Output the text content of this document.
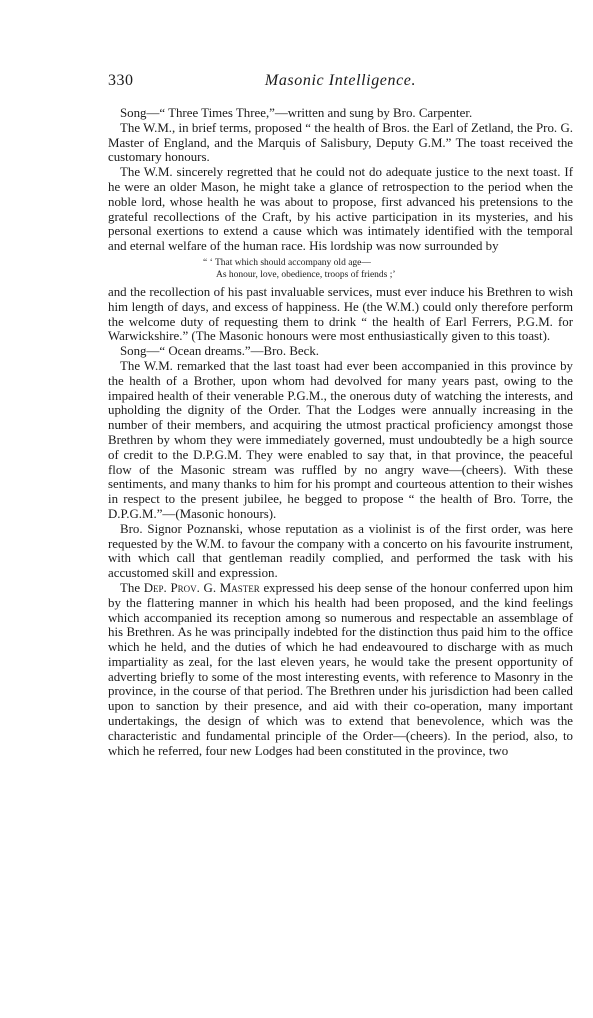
330	Masonic Intelligence.

Song—“ Three Times Three,”—written and sung by Bro. Carpenter.

The W.M., in brief terms, proposed “ the health of Bros. the Earl of Zetland, the Pro. G. Master of England, and the Marquis of Salisbury, Deputy G.M.” The toast received the customary honours.

The W.M. sincerely regretted that he could not do adequate justice to the next toast. If he were an older Mason, he might take a glance of retrospection to the period when the noble lord, whose health he was about to propose, first advanced his pretensions to the grateful recollections of the Craft, by his active participation in its mysteries, and his personal exertions to extend a cause which was intimately identified with the temporal and eternal welfare of the human race. His lordship was now surrounded by

“ ‘ That which should accompany old age—
As honour, love, obedience, troops of friends ;’

and the recollection of his past invaluable services, must ever induce his Brethren to wish him length of days, and excess of happiness. He (the W.M.) could only therefore perform the welcome duty of requesting them to drink “ the health of Earl Ferrers, P.G.M. for Warwickshire.” (The Masonic honours were most enthusiastically given to this toast).

Song—“ Ocean dreams.”—Bro. Beck.

The W.M. remarked that the last toast had ever been accompanied in this province by the health of a Brother, upon whom had devolved for many years past, owing to the impaired health of their venerable P.G.M., the onerous duty of watching the interests, and upholding the dignity of the Order. That the Lodges were annually increasing in the number of their members, and acquiring the utmost practical proficiency amongst those Brethren by whom they were immediately governed, must undoubtedly be a high source of credit to the D.P.G.M. They were enabled to say that, in that province, the peaceful flow of the Masonic stream was ruffled by no angry wave—(cheers). With these sentiments, and many thanks to him for his prompt and courteous attention to their wishes in respect to the present jubilee, he begged to propose “ the health of Bro. Torre, the D.P.G.M.”—(Masonic honours).

Bro. Signor Poznanski, whose reputation as a violinist is of the first order, was here requested by the W.M. to favour the company with a concerto on his favourite instrument, with which call that gentleman readily complied, and performed the task with his accustomed skill and expression.

The Dep. Prov. G. Master expressed his deep sense of the honour conferred upon him by the flattering manner in which his health had been proposed, and the kind feelings which accompanied its reception among so numerous and respectable an assemblage of his Brethren. As he was principally indebted for the distinction thus paid him to the office which he held, and the duties of which he had endeavoured to discharge with as much impartiality as zeal, for the last eleven years, he would take the present opportunity of adverting briefly to some of the most interesting events, with reference to Masonry in the province, in the course of that period. The Brethren under his jurisdiction had been called upon to sanction by their presence, and aid with their co-operation, many important undertakings, the design of which was to extend that benevolence, which was the characteristic and fundamental principle of the Order—(cheers). In the period, also, to which he referred, four new Lodges had been constituted in the province, two
